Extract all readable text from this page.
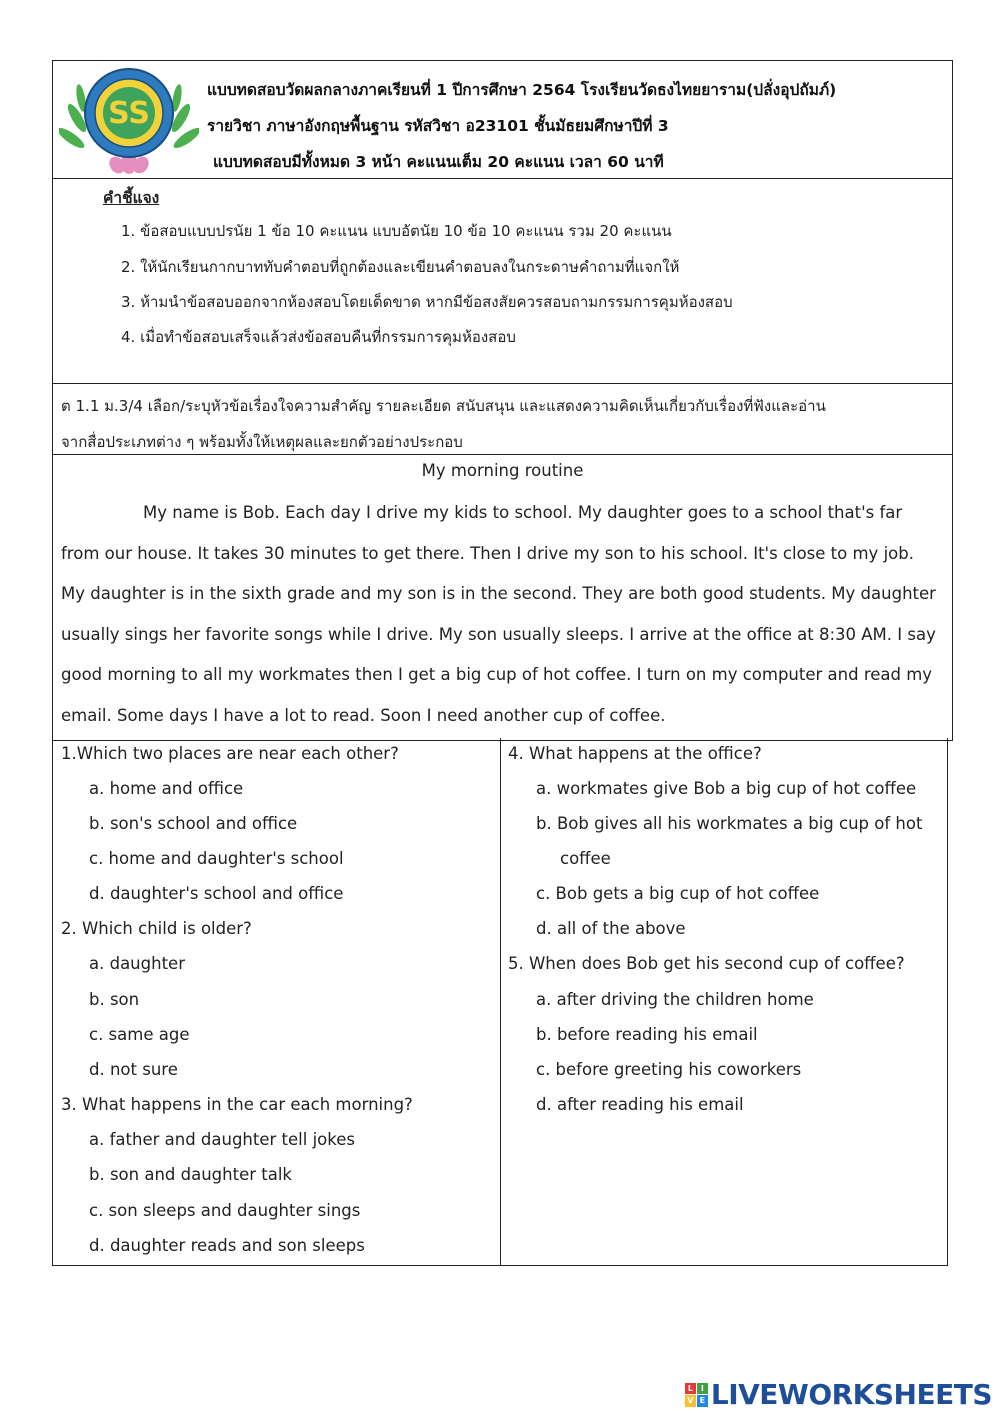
SS
แบบทดสอบวัดผลกลางภาคเรียนที่ 1 ปีการศึกษา 2564 โรงเรียนวัดธงไทยยาราม(ปลั่งอุปถัมภ์)
รายวิชา ภาษาอังกฤษพื้นฐาน รหัสวิชา อ23101 ชั้นมัธยมศึกษาปีที่ 3
แบบทดสอบมีทั้งหมด 3 หน้า คะแนนเต็ม 20 คะแนน เวลา 60 นาที
คำชี้แจง
1. ข้อสอบแบบปรนัย 1 ข้อ 10 คะแนน แบบอัตนัย 10 ข้อ 10 คะแนน รวม 20 คะแนน
2. ให้นักเรียนกากบาททับคำตอบที่ถูกต้องและเขียนคำตอบลงในกระดาษคำถามที่แจกให้
3. ห้ามนำข้อสอบออกจากห้องสอบโดยเด็ดขาด หากมีข้อสงสัยควรสอบถามกรรมการคุมห้องสอบ
4. เมื่อทำข้อสอบเสร็จแล้วส่งข้อสอบคืนที่กรรมการคุมห้องสอบ
ต 1.1 ม.3/4 เลือก/ระบุหัวข้อเรื่องใจความสำคัญ รายละเอียด สนับสนุน และแสดงความคิดเห็นเกี่ยวกับเรื่องที่ฟังและอ่าน
จากสื่อประเภทต่าง ๆ พร้อมทั้งให้เหตุผลและยกตัวอย่างประกอบ
My morning routine

My name is Bob. Each day I drive my kids to school. My daughter goes to a school that's far from our house. It takes 30 minutes to get there. Then I drive my son to his school. It's close to my job. My daughter is in the sixth grade and my son is in the second. They are both good students. My daughter usually sings her favorite songs while I drive. My son usually sleeps. I arrive at the office at 8:30 AM. I say good morning to all my workmates then I get a big cup of hot coffee. I turn on my computer and read my email. Some days I have a lot to read. Soon I need another cup of coffee.

1.Which two places are near each other?
a. home and office
b. son's school and office
c. home and daughter's school
d. daughter's school and office
2. Which child is older?
a. daughter
b. son
c. same age
d. not sure
3. What happens in the car each morning?
a. father and daughter tell jokes
b. son and daughter talk
c. son sleeps and daughter sings
d. daughter reads and son sleeps
4. What happens at the office?
a. workmates give Bob a big cup of hot coffee
b. Bob gives all his workmates a big cup of hot
coffee
c. Bob gets a big cup of hot coffee
d. all of the above
5. When does Bob get his second cup of coffee?
a. after driving the children home
b. before reading his email
c. before greeting his coworkers
d. after reading his email
L I
V E LIVEWORKSHEETS
